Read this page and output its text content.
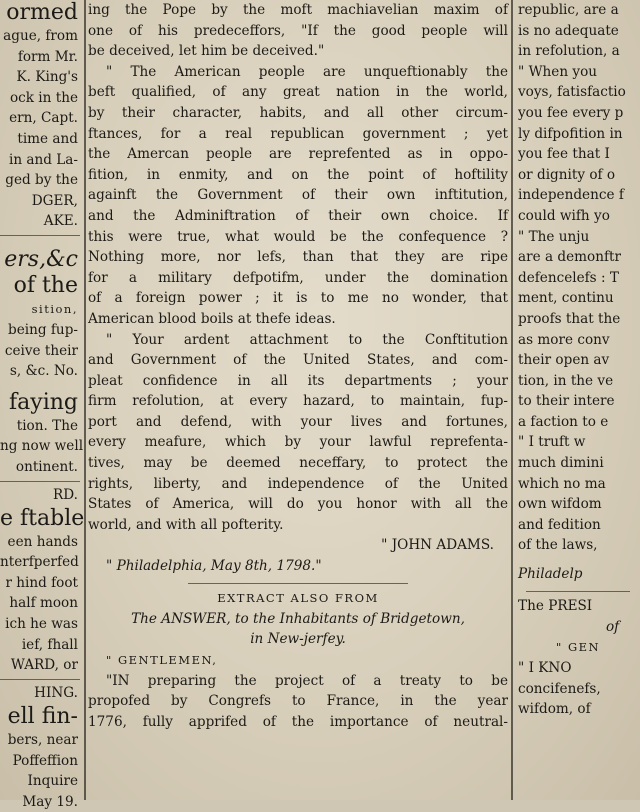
ormed
ague, from
form Mr.
K. King's
ock in the
ern, Capt.
time and
in and La-
ged by the
DGER,
AKE.
ers,&c
of the
sition,
being fup-
ceive their
s, &c. No.
faying
tion. The
ng now well
ontinent.
RD.
e ftable
een hands
nterfperfed
r hind foot
half moon
ich he was
ief, fhall
WARD, or
HING.
ell fin-
bers, near
Poffeffion
Inquire
May 19.
ing the Pope by the moft machiavelian maxim of
one of his predeceffors, "If the good people will
be deceived, let him be deceived."
" The American people are unqueftionably the
beft qualified, of any great nation in the world,
by their character, habits, and all other circum-
ftances, for a real republican government ; yet
the Amercan people are reprefented as in oppo-
fition, in enmity, and on the point of hoftility
againft the Government of their own inftitution,
and the Adminiftration of their own choice. If
this were true, what would be the confequence ?
Nothing more, nor lefs, than that they are ripe
for a military defpotifm, under the domination
of a foreign power ; it is to me no wonder, that
American blood boils at thefe ideas.
" Your ardent attachment to the Conftitution
and Government of the United States, and com-
pleat confidence in all its departments ; your
firm refolution, at every hazard, to maintain, fup-
port and defend, with your lives and fortunes,
every meafure, which by your lawful reprefenta-
tives, may be deemed neceffary, to protect the
rights, liberty, and independence of the United
States of America, will do you honor with all the
world, and with all pofterity.
" JOHN ADAMS.
" Philadelphia, May 8th, 1798."
EXTRACT ALSO FROM
The ANSWER, to the Inhabitants of Bridgetown,
in New-jerfey.
" GENTLEMEN,
"IN preparing the project of a treaty to be
propofed by Congrefs to France, in the year
1776, fully apprifed of the importance of neutral-
republic, are a
is no adequate
in refolution, a
" When you
voys, fatisfactio
you fee every p
ly difpofition in
you fee that I
or dignity of o
independence f
could wifh yo
" The unju
are a demonftr
defencelefs : T
ment, continu
proofs that the
as more conv
their open av
tion, in the ve
to their intere
a faction to e
" I truft w
much dimini
which no ma
own wifdom
and fedition
of the laws,
Philadelp
The PRESI
of
" GEN
" I KNO
concifenefs,
wifdom, of
